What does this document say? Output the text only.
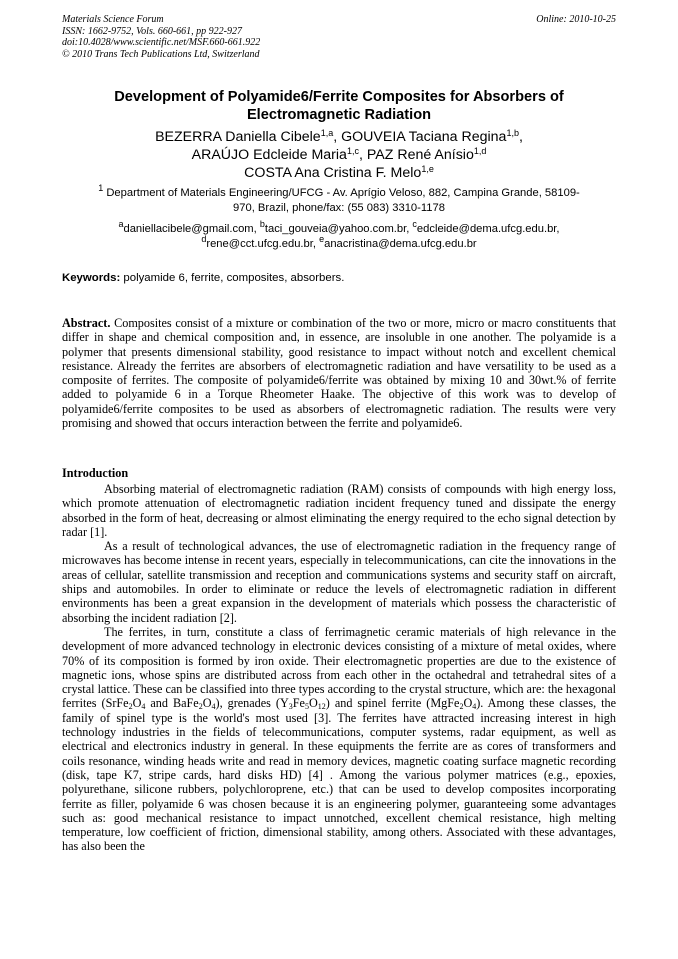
Materials Science Forum
ISSN: 1662-9752, Vols. 660-661, pp 922-927
doi:10.4028/www.scientific.net/MSF.660-661.922
© 2010 Trans Tech Publications Ltd, Switzerland
Online: 2010-10-25
Development of Polyamide6/Ferrite Composites for Absorbers of
Electromagnetic Radiation
BEZERRA Daniella Cibele$^{1,a}$, GOUVEIA Taciana Regina$^{1,b}$,
ARAÚJO Edcleide Maria$^{1,c}$, PAZ René Anísio$^{1,d}$
COSTA Ana Cristina F. Melo$^{1,e}$
$^1$ Department of Materials Engineering/UFCG - Av. Aprígio Veloso, 882, Campina Grande, 58109-
970, Brazil, phone/fax: (55 083) 3310-1178
$^a$daniellacibele@gmail.com, $^b$taci_gouveia@yahoo.com.br, $^c$edcleide@dema.ufcg.edu.br,
$^d$rene@cct.ufcg.edu.br, $^e$anacristina@dema.ufcg.edu.br
Keywords: polyamide 6, ferrite, composites, absorbers.
Abstract. Composites consist of a mixture or combination of the two or more, micro or macro constituents that differ in shape and chemical composition and, in essence, are insoluble in one another. The polyamide is a polymer that presents dimensional stability, good resistance to impact without notch and excellent chemical resistance. Already the ferrites are absorbers of electromagnetic radiation and have versatility to be used as a composite of ferrites. The composite of polyamide6/ferrite was obtained by mixing 10 and 30wt.% of ferrite added to polyamide 6 in a Torque Rheometer Haake. The objective of this work was to develop of polyamide6/ferrite composites to be used as absorbers of electromagnetic radiation. The results were very promising and showed that occurs interaction between the ferrite and polyamide6.
Introduction

Absorbing material of electromagnetic radiation (RAM) consists of compounds with high energy loss, which promote attenuation of electromagnetic radiation incident frequency tuned and dissipate the energy absorbed in the form of heat, decreasing or almost eliminating the energy required to the echo signal detection by radar [1].

As a result of technological advances, the use of electromagnetic radiation in the frequency range of microwaves has become intense in recent years, especially in telecommunications, can cite the innovations in the areas of cellular, satellite transmission and reception and communications systems and security staff on aircraft, ships and automobiles. In order to eliminate or reduce the levels of electromagnetic radiation in different environments has been a great expansion in the development of materials which possess the characteristic of absorbing the incident radiation [2].

The ferrites, in turn, constitute a class of ferrimagnetic ceramic materials of high relevance in the development of more advanced technology in electronic devices consisting of a mixture of metal oxides, where 70% of its composition is formed by iron oxide. Their electromagnetic properties are due to the existence of magnetic ions, whose spins are distributed across from each other in the octahedral and tetrahedral sites of a crystal lattice. These can be classified into three types according to the crystal structure, which are: the hexagonal ferrites ($SrFe_2O_4$ and $BaFe_2O_4$), grenades $(Y_3Fe_5O_{12})$ and spinel ferrite $(MgFe_2O_4)$. Among these classes, the family of spinel type is the world's most used [3]. The ferrites have attracted increasing interest in high technology industries in the fields of telecommunications, computer systems, radar equipment, as well as electrical and electronics industry in general. In these equipments the ferrite are as cores of transformers and coils resonance, winding heads write and read in memory devices, magnetic coating surface magnetic recording (disk, tape K7, stripe cards, hard disks HD) [4] . Among the various polymer matrices (e.g., epoxies, polyurethane, silicone rubbers, polychloroprene, etc.) that can be used to develop composites incorporating ferrite as filler, polyamide 6 was chosen because it is an engineering polymer, guaranteeing some advantages such as: good mechanical resistance to impact unnotched, excellent chemical resistance, high melting temperature, low coefficient of friction, dimensional stability, among others. Associated with these advantages, has also been the
